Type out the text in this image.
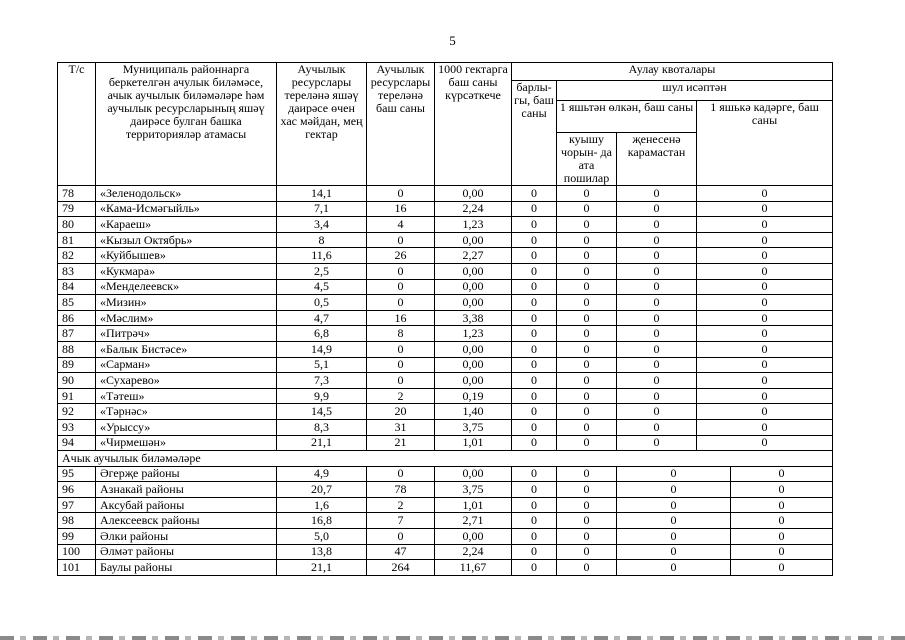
5
Т/с	Муниципаль районнарга беркетелгән ачулык биләмәсе, ачык аучылык биләмәләре һәм аучылык ресурсларының яшәү даирәсе булган башка территорияләр атамасы	Аучылык ресурслары тереләнә яшәү даирәсе өчен хас мәйдан, мең гектар	Аучылык ресурслары тереләнә баш саны	1000 гектарга баш саны күрсәткече	Аулау квоталары				
					барлы- гы, баш саны	шул исәптән			
						1 яшьтән өлкән, баш саны		1 яшькә кадәрге, баш саны	
						куышу чорын- да ата пошилар	җенесенә карамастан		
78	«Зеленодольск»	14,1	0	0,00	0	0	0	0	
79	«Кама-Исмәгыйль»	7,1	16	2,24	0	0	0	0	
80	«Караеш»	3,4	4	1,23	0	0	0	0	
81	«Кызыл Октябрь»	8	0	0,00	0	0	0	0	
82	«Куйбышев»	11,6	26	2,27	0	0	0	0	
83	«Кукмара»	2,5	0	0,00	0	0	0	0	
84	«Менделеевск»	4,5	0	0,00	0	0	0	0	
85	«Мизин»	0,5	0	0,00	0	0	0	0	
86	«Мәслим»	4,7	16	3,38	0	0	0	0	
87	«Питрәч»	6,8	8	1,23	0	0	0	0	
88	«Балык Бистәсе»	14,9	0	0,00	0	0	0	0	
89	«Сарман»	5,1	0	0,00	0	0	0	0	
90	«Сухарево»	7,3	0	0,00	0	0	0	0	
91	«Тәтеш»	9,9	2	0,19	0	0	0	0	
92	«Тәрнәс»	14,5	20	1,40	0	0	0	0	
93	«Урыссу»	8,3	31	3,75	0	0	0	0	
94	«Чирмешән»	21,1	21	1,01	0	0	0	0	
Ачык аучылык биләмәләре									
95	Әгерҗе районы	4,9	0	0,00	0	0	0		0
96	Азнакай районы	20,7	78	3,75	0	0	0		0
97	Аксубай районы	1,6	2	1,01	0	0	0		0
98	Алексеевск районы	16,8	7	2,71	0	0	0		0
99	Әлки районы	5,0	0	0,00	0	0	0		0
100	Әлмәт районы	13,8	47	2,24	0	0	0		0
101	Баулы районы	21,1	264	11,67	0	0	0		0
